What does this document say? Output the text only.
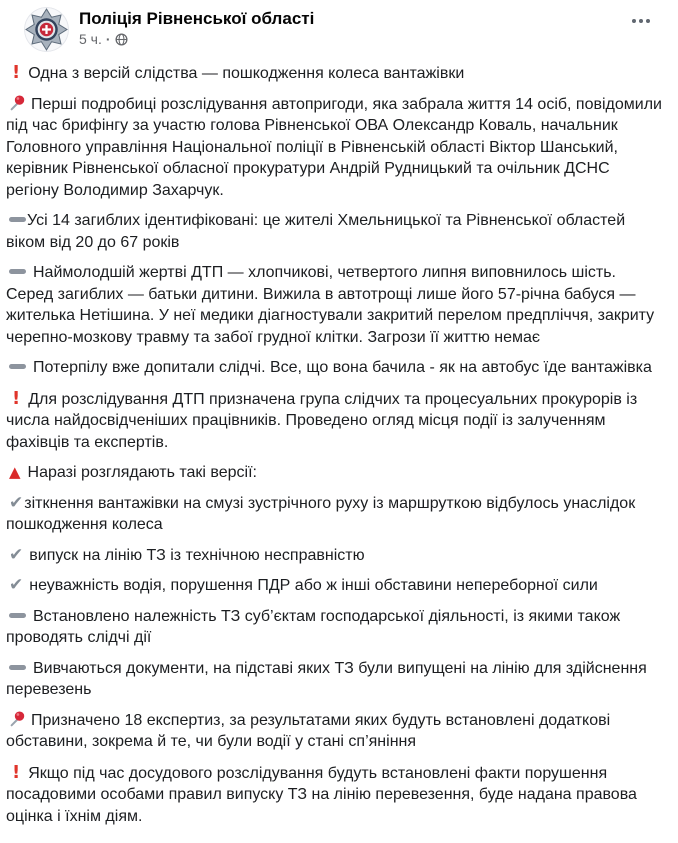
Поліція Рівненської області
5 ч. ·
! Одна з версій слідства — пошкодження колеса вантажівки
Перші подробиці розслідування автопригоди, яка забрала життя 14 осіб, повідомили під час брифінгу за участю голова Рівненської ОВА Олександр Коваль, начальник Головного управління Національної поліції в Рівненській області Віктор Шанський, керівник Рівненської обласної прокуратури Андрій Рудницький та очільник ДСНС регіону Володимир Захарчук.
Усі 14 загиблих ідентифіковані: це жителі Хмельницької та Рівненської областей віком від 20 до 67 років
Наймолодшій жертві ДТП — хлопчикові, четвертого липня виповнилось шість. Серед загиблих — батьки дитини. Вижила в автотрощі лише його 57-річна бабуся — жителька Нетішина. У неї медики діагностували закритий перелом предпліччя, закриту черепно-мозкову травму та забої грудної клітки. Загрози її життю немає
Потерпілу вже допитали слідчі. Все, що вона бачила - як на автобус їде вантажівка
! Для розслідування ДТП призначена група слідчих та процесуальних прокурорів із числа найдосвідченіших працівників. Проведено огляд місця події із залученням фахівців та експертів.
▲ Наразі розглядають такі версії:
✔зіткнення вантажівки на смузі зустрічного руху із маршруткою відбулось унаслідок пошкодження колеса
✔ випуск на лінію ТЗ із технічною несправністю
✔ неуважність водія, порушення ПДР або ж інші обставини непереборної сили
Встановлено належність ТЗ суб’єктам господарської діяльності, із якими також проводять слідчі дії
Вивчаються документи, на підставі яких ТЗ були випущені на лінію для здійснення перевезень
Призначено 18 експертиз, за результатами яких будуть встановлені додаткові обставини, зокрема й те, чи були водії у стані сп’яніння
! Якщо під час досудового розслідування будуть встановлені факти порушення посадовими особами правил випуску ТЗ на лінію перевезення, буде надана правова оцінка і їхнім діям.
